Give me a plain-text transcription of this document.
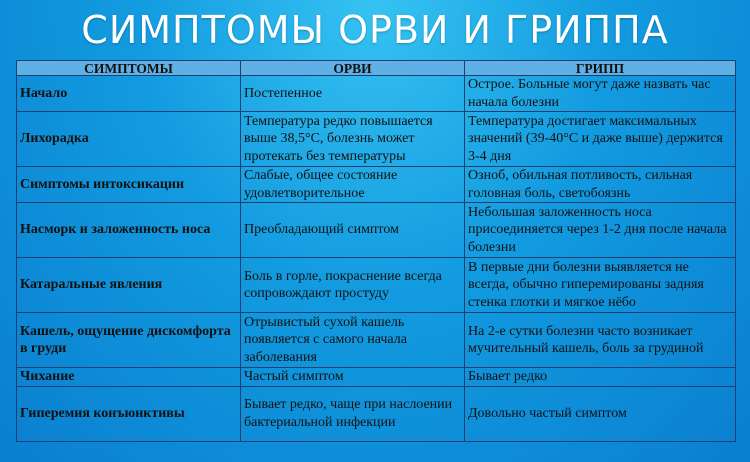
СИМПТОМЫ ОРВИ И ГРИППА
СИМПТОМЫ	ОРВИ	ГРИПП
Начало	Постепенное	Острое. Больные могут даже назвать час начала болезни
Лихорадка	Температура редко повышается выше 38,5°С, болезнь может протекать без температуры	Температура достигает максимальных значений (39-40°С и даже выше) держится 3-4 дня
Симптомы интоксикации	Слабые, общее состояние удовлетворительное	Озноб, обильная потливость, сильная головная боль, светобоязнь
Насморк и заложенность носа	Преобладающий симптом	Небольшая заложенность носа присоединяется через 1-2 дня после начала болезни
Катаральные явления	Боль в горле, покраснение всегда сопровождают простуду	В первые дни болезни выявляется не всегда, обычно гиперемированы задняя стенка глотки и мягкое нёбо
Кашель, ощущение дискомфорта в груди	Отрывистый сухой кашель появляется с самого начала заболевания	На 2-е сутки болезни часто возникает мучительный кашель, боль за грудиной
Чихание	Частый симптом	Бывает редко
Гиперемия конъюнктивы	Бывает редко, чаще при наслоении бактериальной инфекции	Довольно частый симптом
